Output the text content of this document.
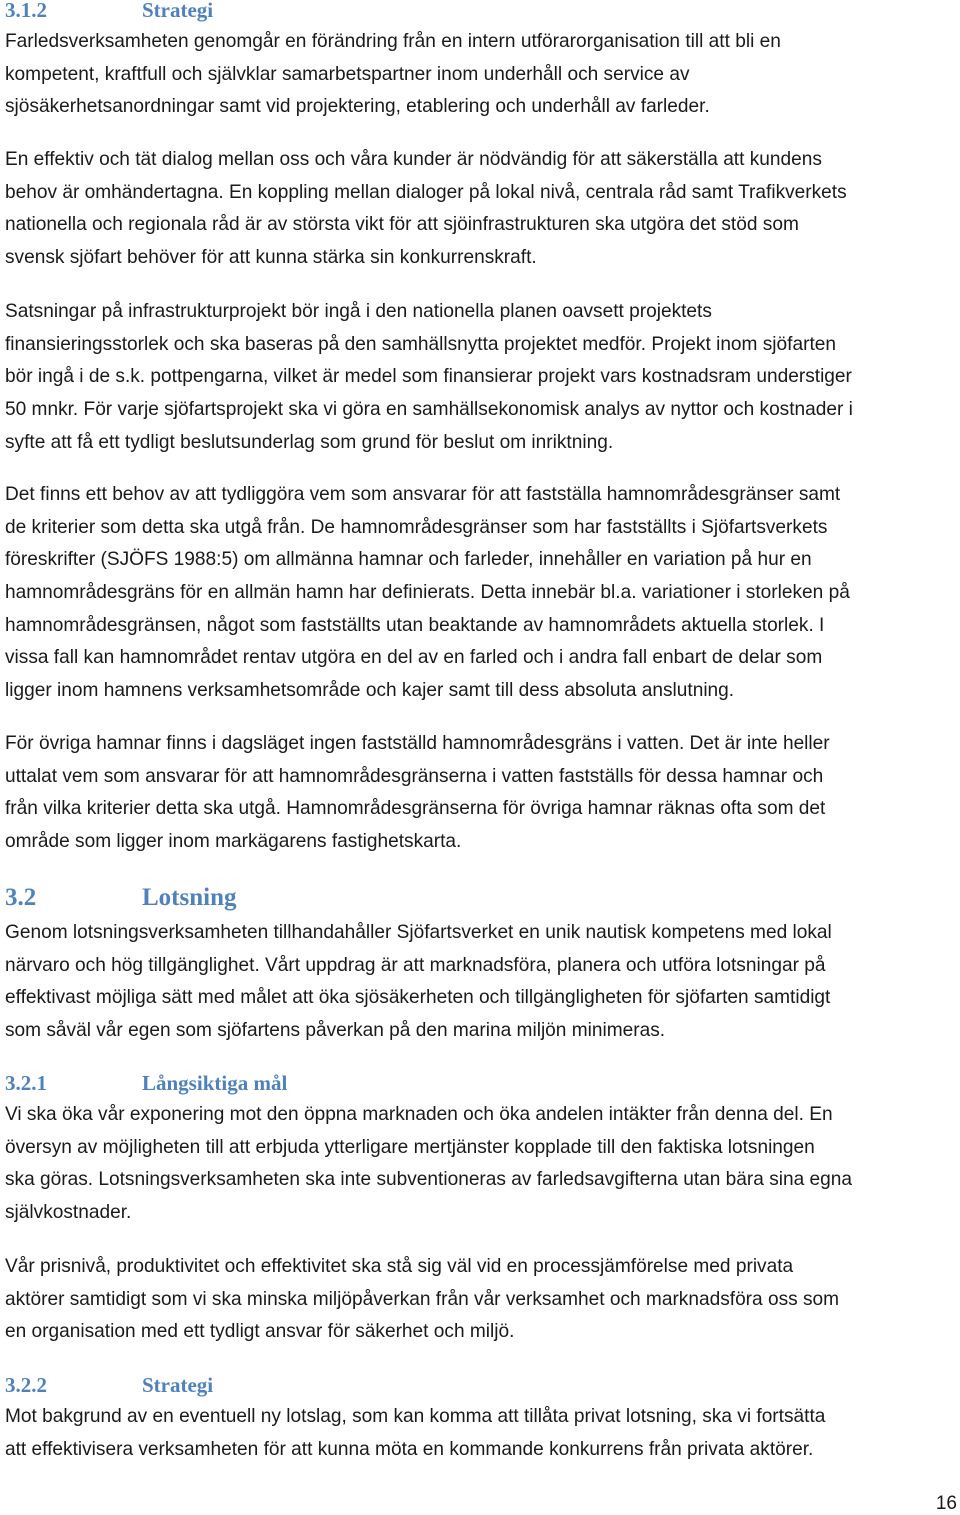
3.1.2	Strategi
Farledsverksamheten genomgår en förändring från en intern utförarorganisation till att bli en
kompetent, kraftfull och självklar samarbetspartner inom underhåll och service av
sjösäkerhetsanordningar samt vid projektering, etablering och underhåll av farleder.
En effektiv och tät dialog mellan oss och våra kunder är nödvändig för att säkerställa att kundens
behov är omhändertagna. En koppling mellan dialoger på lokal nivå, centrala råd samt Trafikverkets
nationella och regionala råd är av största vikt för att sjöinfrastrukturen ska utgöra det stöd som
svensk sjöfart behöver för att kunna stärka sin konkurrenskraft.
Satsningar på infrastrukturprojekt bör ingå i den nationella planen oavsett projektets
finansieringsstorlek och ska baseras på den samhällsnytta projektet medför. Projekt inom sjöfarten
bör ingå i de s.k. pottpengarna, vilket är medel som finansierar projekt vars kostnadsram understiger
50 mnkr. För varje sjöfartsprojekt ska vi göra en samhällsekonomisk analys av nyttor och kostnader i
syfte att få ett tydligt beslutsunderlag som grund för beslut om inriktning.
Det finns ett behov av att tydliggöra vem som ansvarar för att fastställa hamnområdesgränser samt
de kriterier som detta ska utgå från. De hamnområdesgränser som har fastställts i Sjöfartsverkets
föreskrifter (SJÖFS 1988:5) om allmänna hamnar och farleder, innehåller en variation på hur en
hamnområdesgräns för en allmän hamn har definierats. Detta innebär bl.a. variationer i storleken på
hamnområdesgränsen, något som fastställts utan beaktande av hamnområdets aktuella storlek. I
vissa fall kan hamnområdet rentav utgöra en del av en farled och i andra fall enbart de delar som
ligger inom hamnens verksamhetsområde och kajer samt till dess absoluta anslutning.
För övriga hamnar finns i dagsläget ingen fastställd hamnområdesgräns i vatten. Det är inte heller
uttalat vem som ansvarar för att hamnområdesgränserna i vatten fastställs för dessa hamnar och
från vilka kriterier detta ska utgå. Hamnområdesgränserna för övriga hamnar räknas ofta som det
område som ligger inom markägarens fastighetskarta.
3.2	Lotsning
Genom lotsningsverksamheten tillhandahåller Sjöfartsverket en unik nautisk kompetens med lokal
närvaro och hög tillgänglighet. Vårt uppdrag är att marknadsföra, planera och utföra lotsningar på
effektivast möjliga sätt med målet att öka sjösäkerheten och tillgängligheten för sjöfarten samtidigt
som såväl vår egen som sjöfartens påverkan på den marina miljön minimeras.
3.2.1	Långsiktiga mål
Vi ska öka vår exponering mot den öppna marknaden och öka andelen intäkter från denna del. En
översyn av möjligheten till att erbjuda ytterligare mertjänster kopplade till den faktiska lotsningen
ska göras. Lotsningsverksamheten ska inte subventioneras av farledsavgifterna utan bära sina egna
självkostnader.
Vår prisnivå, produktivitet och effektivitet ska stå sig väl vid en processjämförelse med privata
aktörer samtidigt som vi ska minska miljöpåverkan från vår verksamhet och marknadsföra oss som
en organisation med ett tydligt ansvar för säkerhet och miljö.
3.2.2	Strategi
Mot bakgrund av en eventuell ny lotslag, som kan komma att tillåta privat lotsning, ska vi fortsätta
att effektivisera verksamheten för att kunna möta en kommande konkurrens från privata aktörer.
16
